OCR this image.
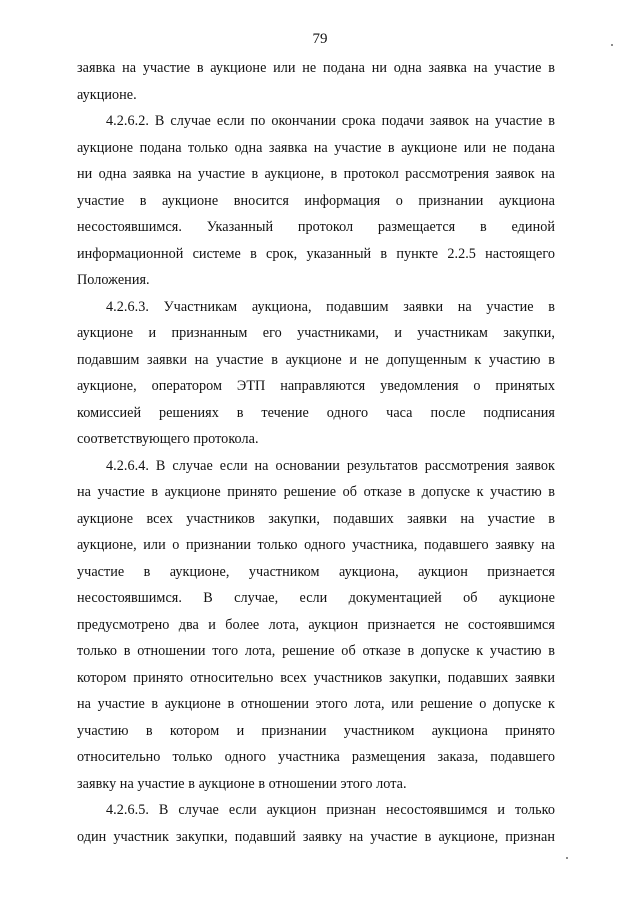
79
заявка на участие в аукционе или не подана ни одна заявка на участие в
аукционе.
4.2.6.2. В случае если по окончании срока подачи заявок на участие в
аукционе подана только одна заявка на участие в аукционе или не подана
ни одна заявка на участие в аукционе, в протокол рассмотрения заявок на
участие в аукционе вносится информация о признании аукциона
несостоявшимся. Указанный протокол размещается в единой
информационной системе в срок, указанный в пункте 2.2.5 настоящего
Положения.
4.2.6.3. Участникам аукциона, подавшим заявки на участие в
аукционе и признанным его участниками, и участникам закупки,
подавшим заявки на участие в аукционе и не допущенным к участию в
аукционе, оператором ЭТП направляются уведомления о принятых
комиссией решениях в течение одного часа после подписания
соответствующего протокола.
4.2.6.4. В случае если на основании результатов рассмотрения заявок
на участие в аукционе принято решение об отказе в допуске к участию в
аукционе всех участников закупки, подавших заявки на участие в
аукционе, или о признании только одного участника, подавшего заявку на
участие в аукционе, участником аукциона, аукцион признается
несостоявшимся. В случае, если документацией об аукционе
предусмотрено два и более лота, аукцион признается не состоявшимся
только в отношении того лота, решение об отказе в допуске к участию в
котором принято относительно всех участников закупки, подавших заявки
на участие в аукционе в отношении этого лота, или решение о допуске к
участию в котором и признании участником аукциона принято
относительно только одного участника размещения заказа, подавшего
заявку на участие в аукционе в отношении этого лота.
4.2.6.5. В случае если аукцион признан несостоявшимся и только
один участник закупки, подавший заявку на участие в аукционе, признан
